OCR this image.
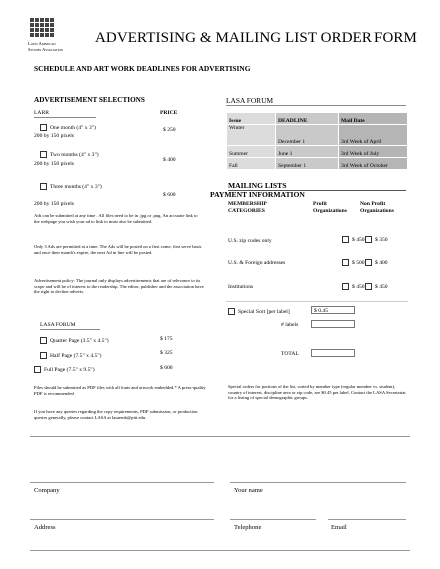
Latin American
Studies Association
ADVERTISING & MAILING LIST ORDER FORM
SCHEDULE AND ART WORK DEADLINES FOR ADVERTISING
ADVERTISEMENT SELECTIONS
PRICE
LARR
One month (4" x 3")
200 by 150 pixels
$ 250
Two months (4" x 3")
200 by 150 pixels
$ 400
Three months (4" x 3")
200 by 150 pixels
$ 600
Ads can be submitted at any time . All files need to be in .jpg or .png. An accurate link to the webpage you wish your ad to link to must also be submitted.
Only 3 Ads are permitted at a time. The Ads will be posted on a first come, first serve basis and once their month's expire, the next Ad in line will be posted.
Advertisement policy: The journal only displays advertisements that are of relevance to its scope and will be of interest to the readership. The editor, publisher and the association have the right to decline adverts.
LASA FORUM
Quarter Page (3.5" x 4.5")	$ 175
Half Page (7.5" x 4.5")	$ 325
Full Page (7.5" x 9.5")	$ 600
Files should be submitted as PDF files with all fonts and artwork embedded.* A press-quality PDF is recommended
If you have any queries regarding the copy requirements, PDF submission, or production queries generally, please contact LASA at lasaemb@pitt.edu.
LASA FORUM
Issue	DEADLINE	Mail Date
Winter	December 1	3rd Week of April
Summer	June 1	3rd Week of July
Fall	September 1	3rd Week of October
MAILING LISTS
PAYMENT INFORMATION
MEMBERSHIP CATEGORIES
Profit Organizations
Non Profit Organizations
U.S. zip codes only	$ 450	$ 350
U.S. & Foreign addresses	$ 500	$ 400
Institutions	$ 450	$ 450
Special Sort [per label]	$ 0.45
# labels
TOTAL
Special orders for portions of the list, sorted by member type (regular member vs. student), country of interest, discipline area or zip code, are $0.45 per label. Contact the LASA Secretariat for a listing of special demographic groups.
Company	Your name
Address	Telephone	Email
